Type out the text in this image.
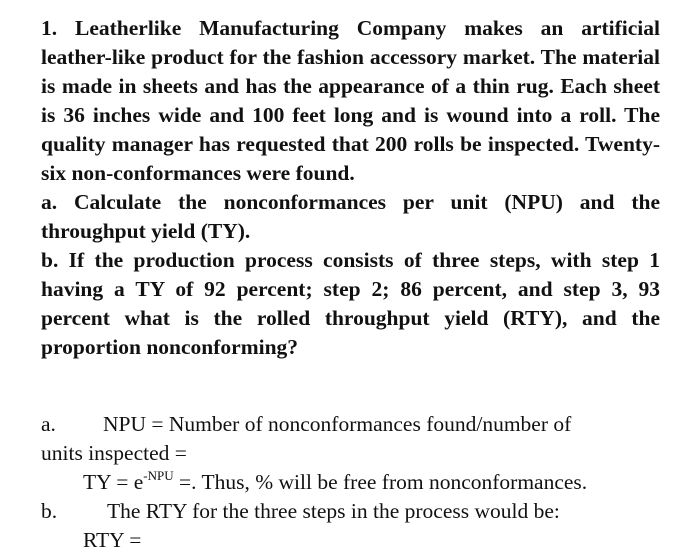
1. Leatherlike Manufacturing Company makes an artificial leather-like product for the fashion accessory market. The material is made in sheets and has the appearance of a thin rug. Each sheet is 36 inches wide and 100 feet long and is wound into a roll. The quality manager has requested that 200 rolls be inspected. Twenty-six non-conformances were found.

a. Calculate the nonconformances per unit (NPU) and the throughput yield (TY).

b. If the production process consists of three steps, with step 1 having a TY of 92 percent; step 2; 86 percent, and step 3, 93 percent what is the rolled throughput yield (RTY), and the proportion nonconforming?

a. NPU = Number of nonconformances found/number of
units inspected =
TY = $e^{-NPU}$ =. Thus, % will be free from nonconformances.
b. The RTY for the three steps in the process would be:
RTY =
